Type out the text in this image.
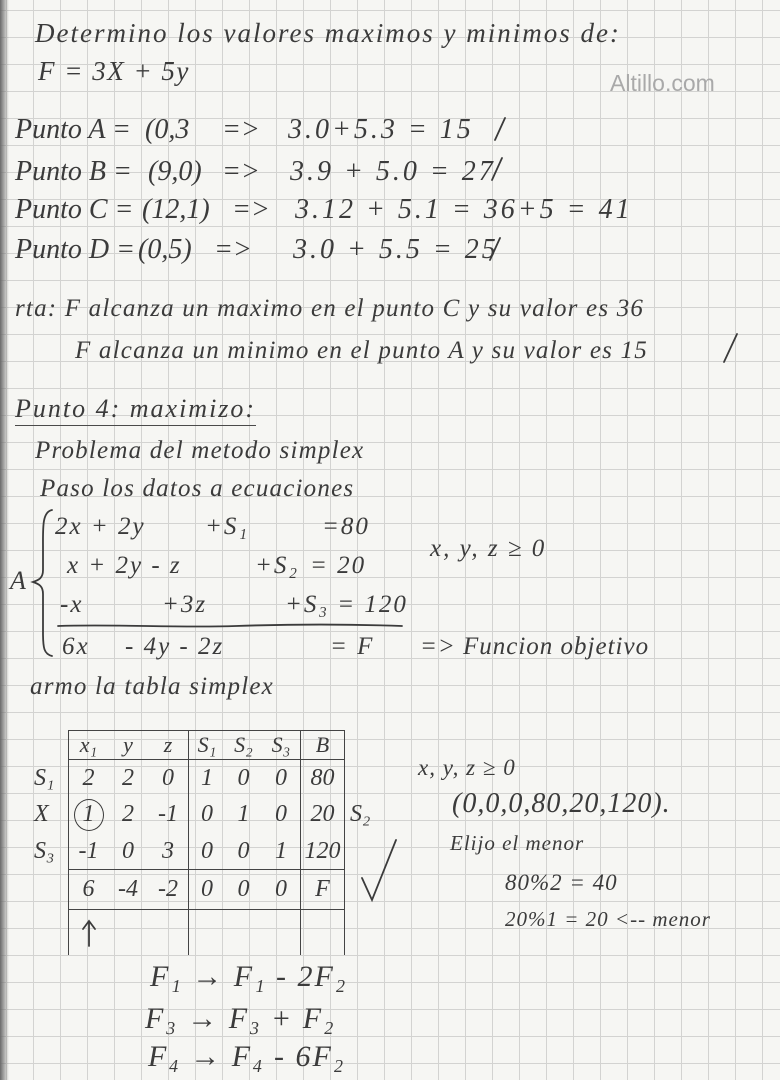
Altillo.com
Determino los valores maximos y minimos de:
F = 3X + 5y
Punto A = (0,3 => 3.0+5.3 = 15
Punto B = (9,0) => 3.9 + 5.0 = 27
Punto C = (12,1) => 3.12 + 5.1 = 36+5 = 41
Punto D = (0,5) => 3.0 + 5.5 = 25
rta: F alcanza un maximo en el punto C y su valor es 36
F alcanza un minimo en el punto A y su valor es 15
Punto 4: maximizo:
Problema del metodo simplex
Paso los datos a ecuaciones
A
2x + 2y +S₁	=80
x + 2y - z	+S₂ = 20
-x	+3z	+S₃ = 120
6x - 4y - 2z	= F => Funcion objetivo
x, y, z ≥ 0
armo la tabla simplex
x₁	y	z	S₁ S₂ S₃	B
S₁	2	2	0	1	0	0 80
X	1	2	-1 0	1	0 20
S₃	-1 0	3	0	0	1 120
6 -4 -2 0	0	0	F
S₂
x, y, z ≥ 0
(0,0,0,80,20,120).
Elijo el menor
80%2 = 40
20%1 = 20 <-- menor
F₁ → F₁ - 2F₂
F₃ → F₃ + F₂
F₄ → F₄ - 6F₂
